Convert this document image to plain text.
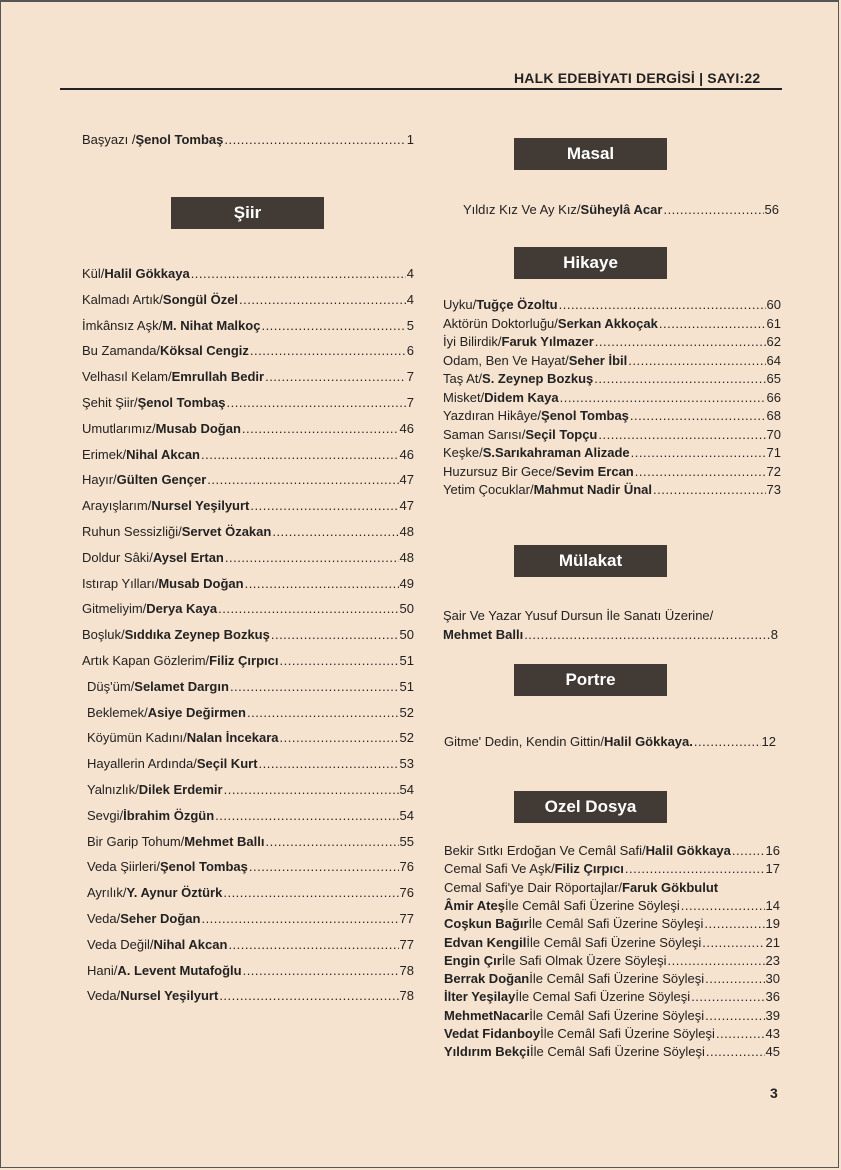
HALK EDEBİYATI DERGİSİ | SAYI:22
Başyazı / Şenol Tombaş .....	1
Şiir
Masal
Hikaye
Mülakat
Portre
Ozel Dosya
Kül/ Halil Gökkaya .....	4
Kalmadı Artık/ Songül Özel .....	4
İmkânsız Aşk/ M. Nihat Malkoç .....	5
Bu Zamanda/ Köksal Cengiz .....	6
Velhasıl Kelam/ Emrullah Bedir .....	7
Şehit Şiir/ Şenol Tombaş .....	7
Umutlarımız/ Musab Doğan .....	46
Erimek/ Nihal Akcan .....	46
Hayır/ Gülten Gençer .....	47
Arayışlarım/ Nursel Yeşilyurt .....	47
Ruhun Sessizliği/ Servet Özakan .....	48
Doldur Sâki/ Aysel Ertan .....	48
Istırap Yılları/ Musab Doğan .....	49
Gitmeliyim/ Derya Kaya .....	50
Boşluk/ Sıddıka Zeynep Bozkuş .....	50
Artık Kapan Gözlerim/ Filiz Çırpıcı .....	51
Düş'üm/ Selamet Dargın .....	51
Beklemek/ Asiye Değirmen .....	52
Köyümün Kadını/ Nalan İncekara .....	52
Hayallerin Ardında/ Seçil Kurt .....	53
Yalnızlık/ Dilek Erdemir .....	54
Sevgi/ İbrahim Özgün .....	54
Bir Garip Tohum/ Mehmet Ballı .....	55
Veda Şiirleri/ Şenol Tombaş .....	76
Ayrılık/ Y. Aynur Öztürk .....	76
Veda/ Seher Doğan .....	77
Veda Değil/ Nihal Akcan .....	77
Hani/ A. Levent Mutafoğlu .....	78
Veda/ Nursel Yeşilyurt .....	78
Yıldız Kız Ve Ay Kız/ Süheylâ Acar .....	56
Uyku/ Tuğçe Özoltu .....	60
Aktörün Doktorluğu/ Serkan Akkoçak .....	61
İyi Bilirdik/ Faruk Yılmazer .....	62
Odam, Ben Ve Hayat/ Seher İbil .....	64
Taş At/ S. Zeynep Bozkuş .....	65
Misket/ Didem Kaya .....	66
Yazdıran Hikâye/ Şenol Tombaş .....	68
Saman Sarısı/ Seçil Topçu .....	70
Keşke/ S.Sarıkahraman Alizade .....	71
Huzursuz Bir Gece/ Sevim Ercan .....	72
Yetim Çocuklar/ Mahmut Nadir Ünal .....	73
Gitme' Dedin, Kendin Gittin/ Halil Gökkaya. .....	12
Bekir Sıtkı Erdoğan Ve Cemâl Safi/ Halil Gökkaya .....	16
Cemal Safi Ve Aşk/ Filiz Çırpıcı .....	17
Cemal Safi'ye Dair Röportajlar/ Faruk Gökbulut
Âmir Ateş İle Cemâl Safi Üzerine Söyleşi .....	14
Coşkun Bağır İle Cemâl Safi Üzerine Söyleşi .....	19
Edvan Kengil İle Cemâl Safi Üzerine Söyleşi .....	21
Engin Çır İle Safi Olmak Üzere Söyleşi .....	23
Berrak Doğan İle Cemâl Safi Üzerine Söyleşi .....	30
İlter Yeşilay İle Cemal Safi Üzerine Söyleşi .....	36
MehmetNacar İle Cemâl Safi Üzerine Söyleşi .....	39
Vedat Fidanboy İle Cemâl Safi Üzerine Söyleşi .....	43
Yıldırım Bekçi İle Cemâl Safi Üzerine Söyleşi .....	45
Şair Ve Yazar Yusuf Dursun İle Sanatı Üzerine/
Mehmet Ballı .....	8
3
